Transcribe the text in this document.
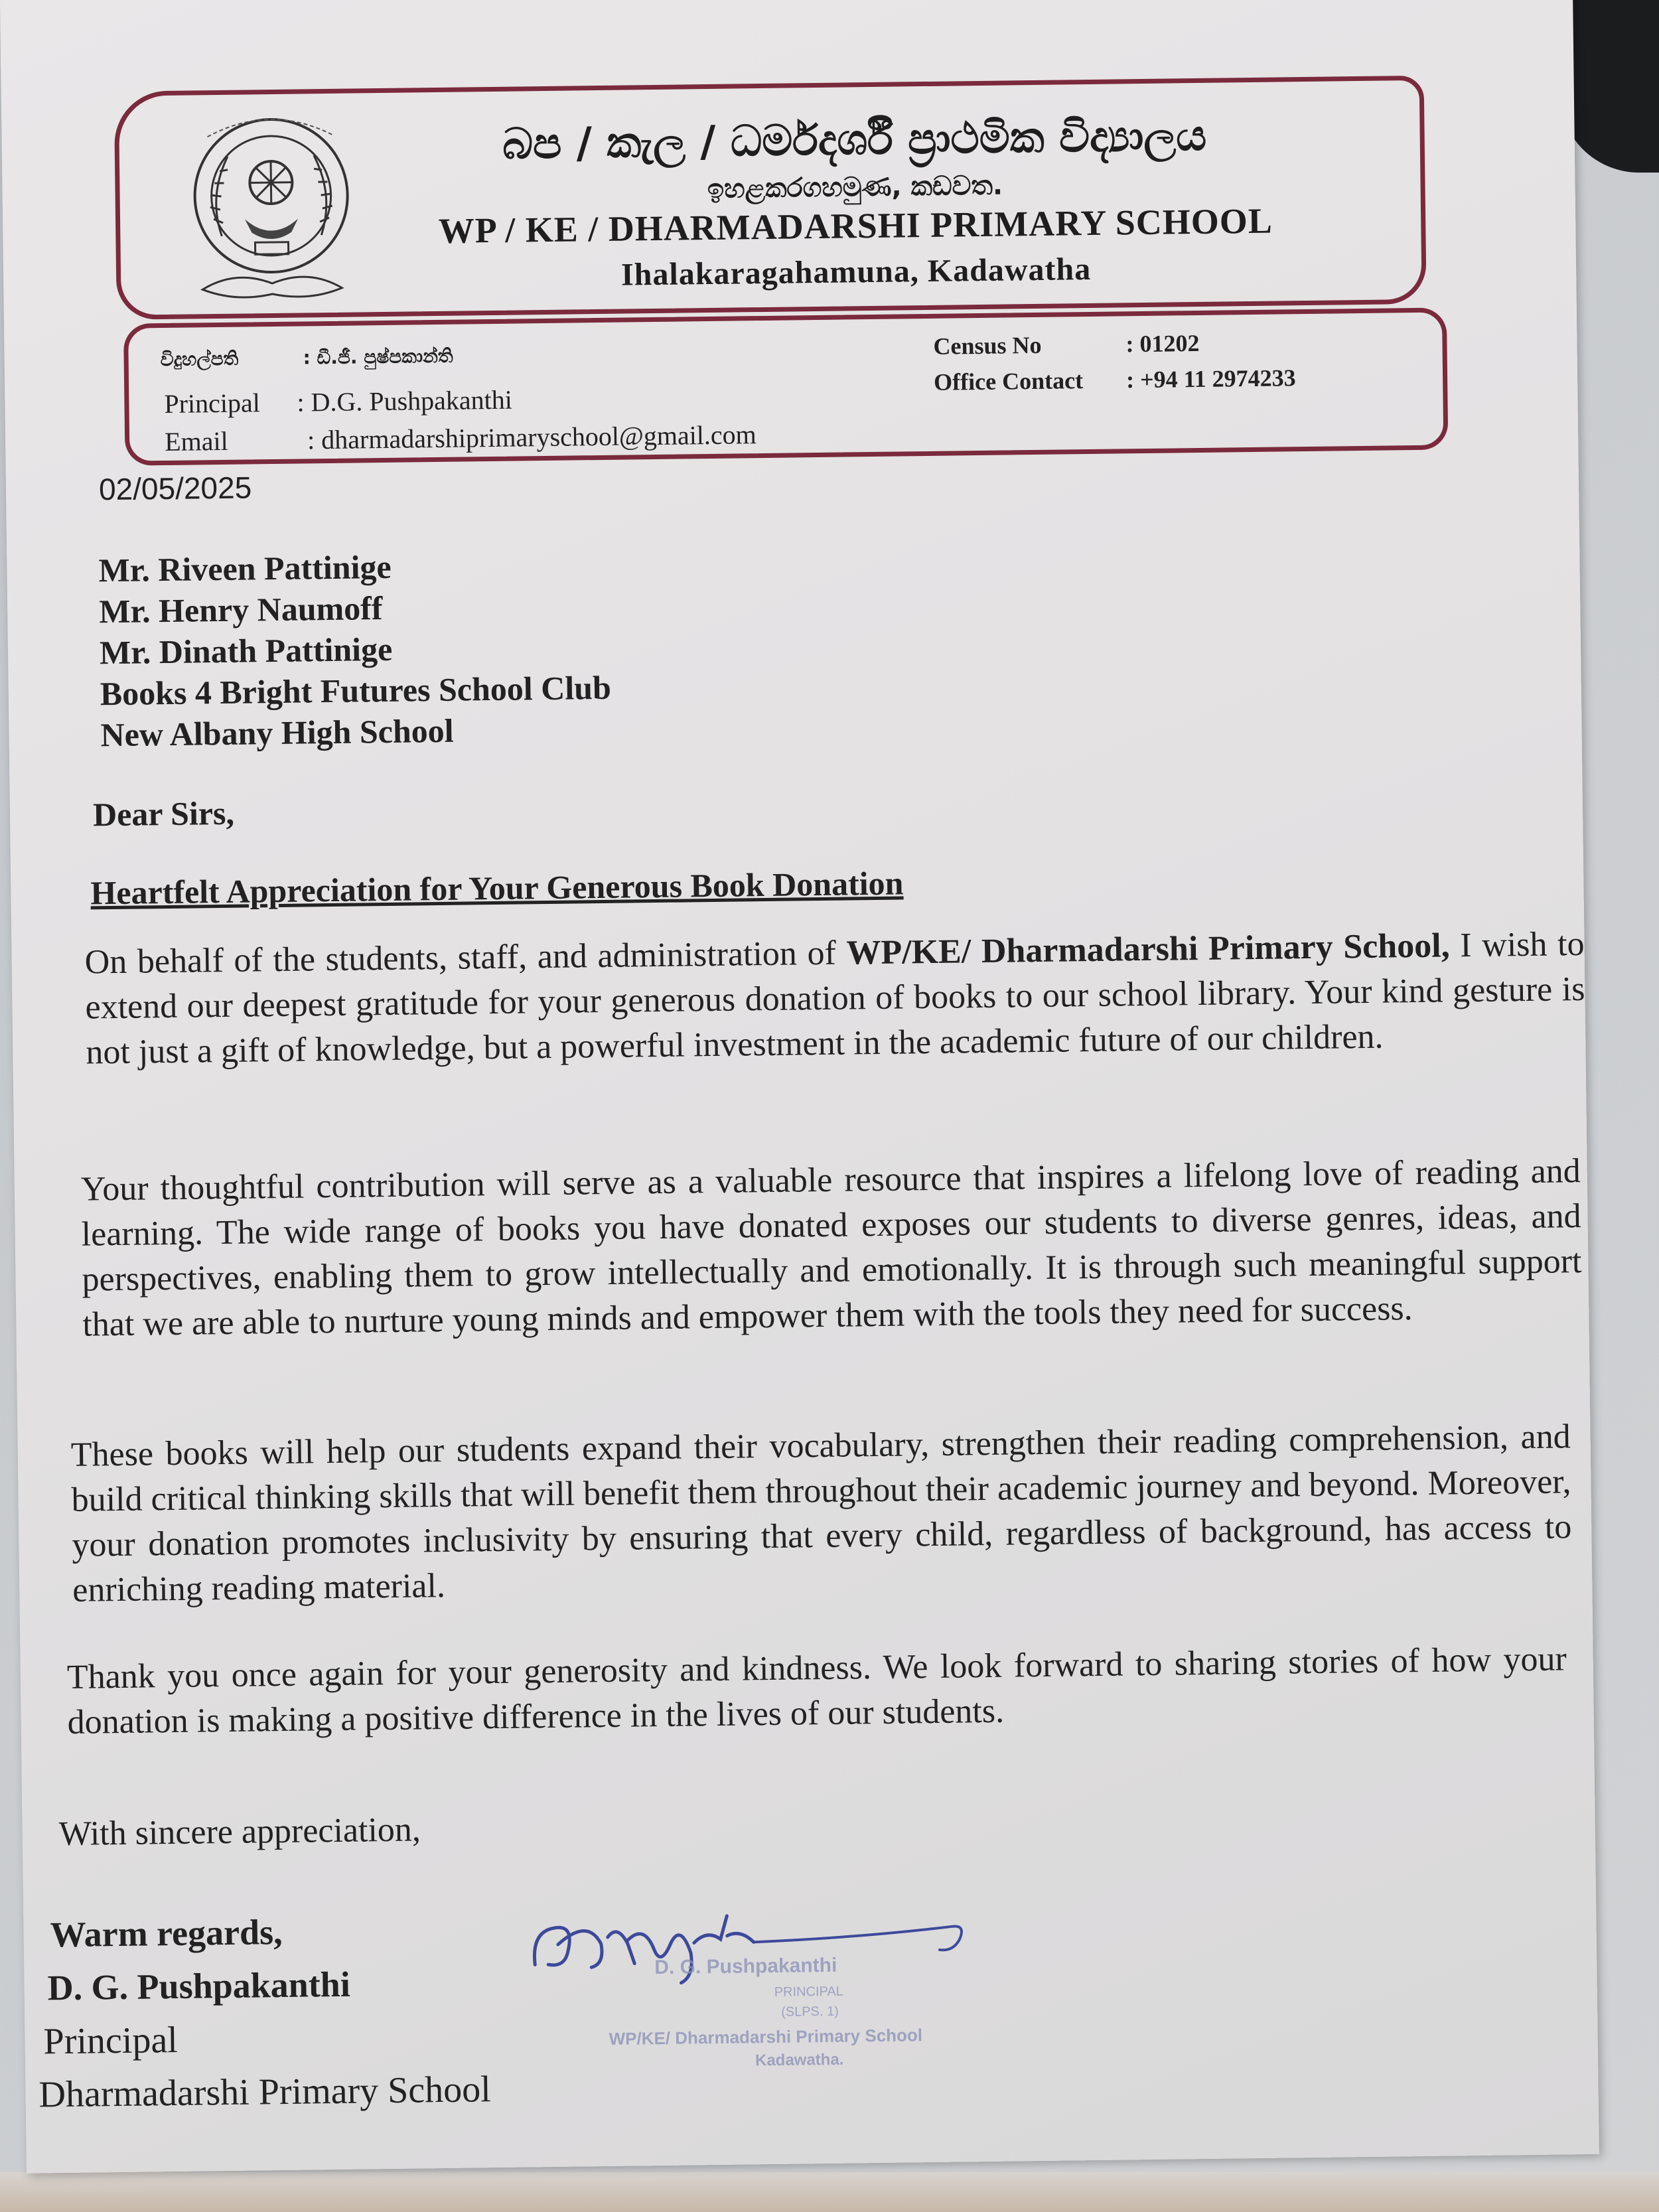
බප / කැල / ධර්මදර්ශී ප්‍රාථමික විද්‍යාලය
ඉහළකරගහමුණ, කඩවත.
WP / KE / DHARMADARSHI PRIMARY SCHOOL
Ihalakaragahamuna, Kadawatha
විදුහල්පති	: ඩී.ජී. පුෂ්පකාන්ති
Principal : D.G. Pushpakanthi
Email	: dharmadarshiprimaryschool@gmail.com
Census No	: 01202
Office Contact : +94 11 2974233
02/05/2025
Mr. Riveen Pattinige
Mr. Henry Naumoff
Mr. Dinath Pattinige
Books 4 Bright Futures School Club
New Albany High School
Dear Sirs,
Heartfelt Appreciation for Your Generous Book Donation
On behalf of the students, staff, and administration of WP/KE/ Dharmadarshi Primary School, I wish to extend our deepest gratitude for your generous donation of books to our school library. Your kind gesture is not just a gift of knowledge, but a powerful investment in the academic future of our children.
Your thoughtful contribution will serve as a valuable resource that inspires a lifelong love of reading and learning. The wide range of books you have donated exposes our students to diverse genres, ideas, and perspectives, enabling them to grow intellectually and emotionally. It is through such meaningful support that we are able to nurture young minds and empower them with the tools they need for success.
These books will help our students expand their vocabulary, strengthen their reading comprehension, and build critical thinking skills that will benefit them throughout their academic journey and beyond. Moreover, your donation promotes inclusivity by ensuring that every child, regardless of background, has access to enriching reading material.
Thank you once again for your generosity and kindness. We look forward to sharing stories of how your donation is making a positive difference in the lives of our students.
With sincere appreciation,
Warm regards,
D. G. Pushpakanthi
Principal
Dharmadarshi Primary School
D. G. Pushpakanthi
PRINCIPAL
(SLPS. 1)
WP/KE/ Dharmadarshi Primary School
Kadawatha.
